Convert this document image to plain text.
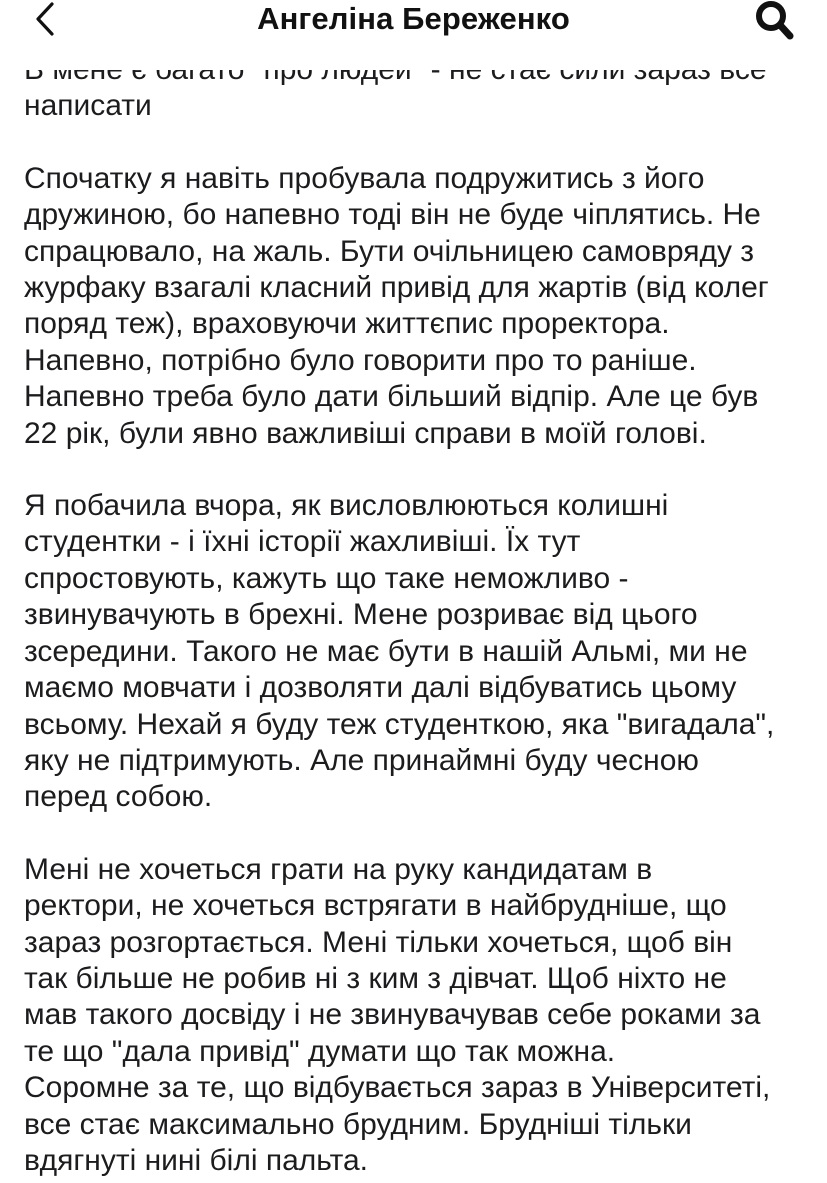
Ангеліна Береженко

написати

Спочатку я навіть пробувала подружитись з його
дружиною, бо напевно тоді він не буде чіплятись. Не
спрацювало, на жаль. Бути очільницею самовряду з
журфаку взагалі класний привід для жартів (від колег
поряд теж), враховуючи життєпис проректора.
Напевно, потрібно було говорити про то раніше.
Напевно треба було дати більший відпір. Але це був
22 рік, були явно важливіші справи в моїй голові.

Я побачила вчора, як висловлюються колишні
студентки - і їхні історії жахливіші. Їх тут
спростовують, кажуть що таке неможливо -
звинувачують в брехні. Мене розриває від цього
зсередини. Такого не має бути в нашій Альмі, ми не
маємо мовчати і дозволяти далі відбуватись цьому
всьому. Нехай я буду теж студенткою, яка "вигадала",
яку не підтримують. Але принаймні буду чесною
перед собою.

Мені не хочеться грати на руку кандидатам в
ректори, не хочеться встрягати в найбрудніше, що
зараз розгортається. Мені тільки хочеться, щоб він
так більше не робив ні з ким з дівчат. Щоб ніхто не
мав такого досвіду і не звинувачував себе роками за
те що "дала привід" думати що так можна.
Соромне за те, що відбувається зараз в Університеті,
все стає максимально брудним. Брудніші тільки
вдягнуті нині білі пальта.
